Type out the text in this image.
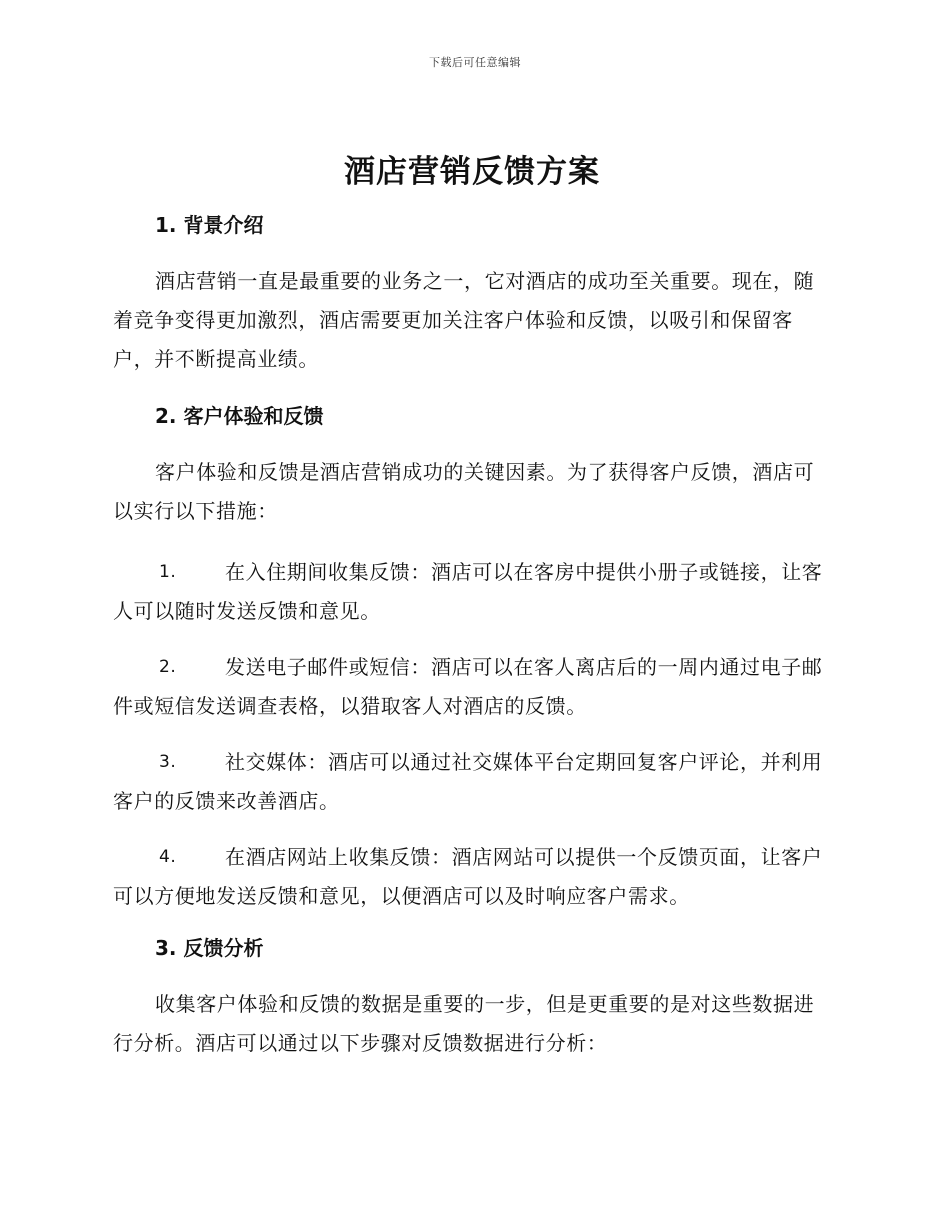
下载后可任意编辑
酒店营销反馈方案
1. 背景介绍

酒店营销一直是最重要的业务之一，它对酒店的成功至关重要。现在，随着竞争变得更加激烈，酒店需要更加关注客户体验和反馈，以吸引和保留客户，并不断提高业绩。

2. 客户体验和反馈

客户体验和反馈是酒店营销成功的关键因素。为了获得客户反馈，酒店可以实行以下措施：

1. 在入住期间收集反馈：酒店可以在客房中提供小册子或链接，让客人可以随时发送反馈和意见。
2. 发送电子邮件或短信：酒店可以在客人离店后的一周内通过电子邮件或短信发送调查表格，以猎取客人对酒店的反馈。
3. 社交媒体：酒店可以通过社交媒体平台定期回复客户评论，并利用客户的反馈来改善酒店。
4. 在酒店网站上收集反馈：酒店网站可以提供一个反馈页面，让客户可以方便地发送反馈和意见，以便酒店可以及时响应客户需求。
3. 反馈分析

收集客户体验和反馈的数据是重要的一步，但是更重要的是对这些数据进行分析。酒店可以通过以下步骤对反馈数据进行分析：
